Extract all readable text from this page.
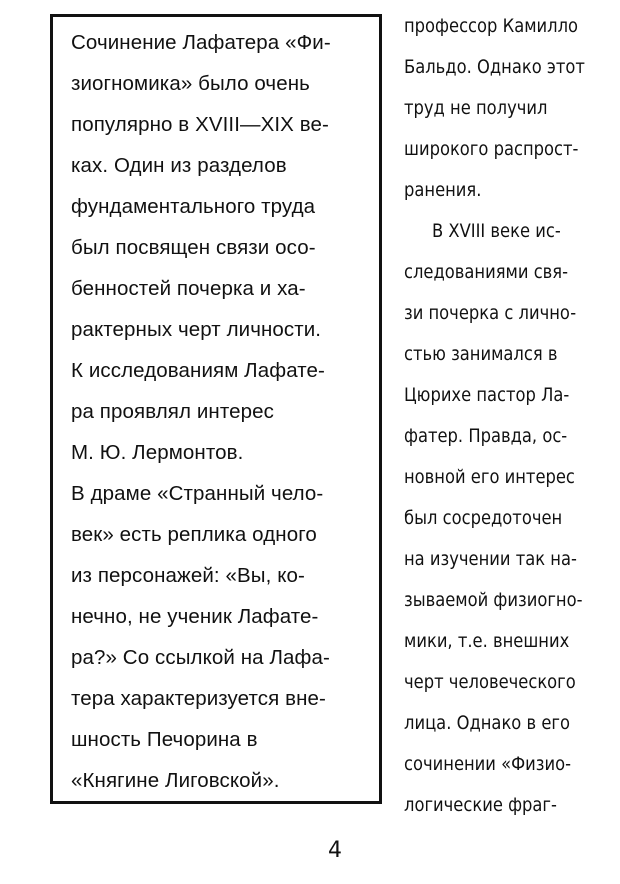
Сочинение Лафатера «Фи-

зиогномика» было очень

популярно в XVIII—XIX ве-

ках. Один из разделов

фундаментального труда

был посвящен связи осо-

бенностей почерка и ха-

рактерных черт личности.

К исследованиям Лафате-

ра проявлял интерес

М. Ю. Лермонтов.

В драме «Странный чело-

век» есть реплика одного

из персонажей: «Вы, ко-

нечно, не ученик Лафате-

ра?» Со ссылкой на Лафа-

тера характеризуется вне-

шность Печорина в

«Княгине Лиговской».

профессор Камилло

Бальдо. Однако этот

труд не получил

широкого распрост-

ранения.

В XVIII веке ис-

следованиями свя-

зи почерка с личнo-

стью занимался в

Цюрихе пастор Ла-

фатер. Правда, ос-

новной его интерес

был сосредоточен

на изучении так на-

зываемой физиогно-

мики, т.е. внешних

черт человеческого

лица. Однако в его

сочинении «Физио-

логические фраг-

4
